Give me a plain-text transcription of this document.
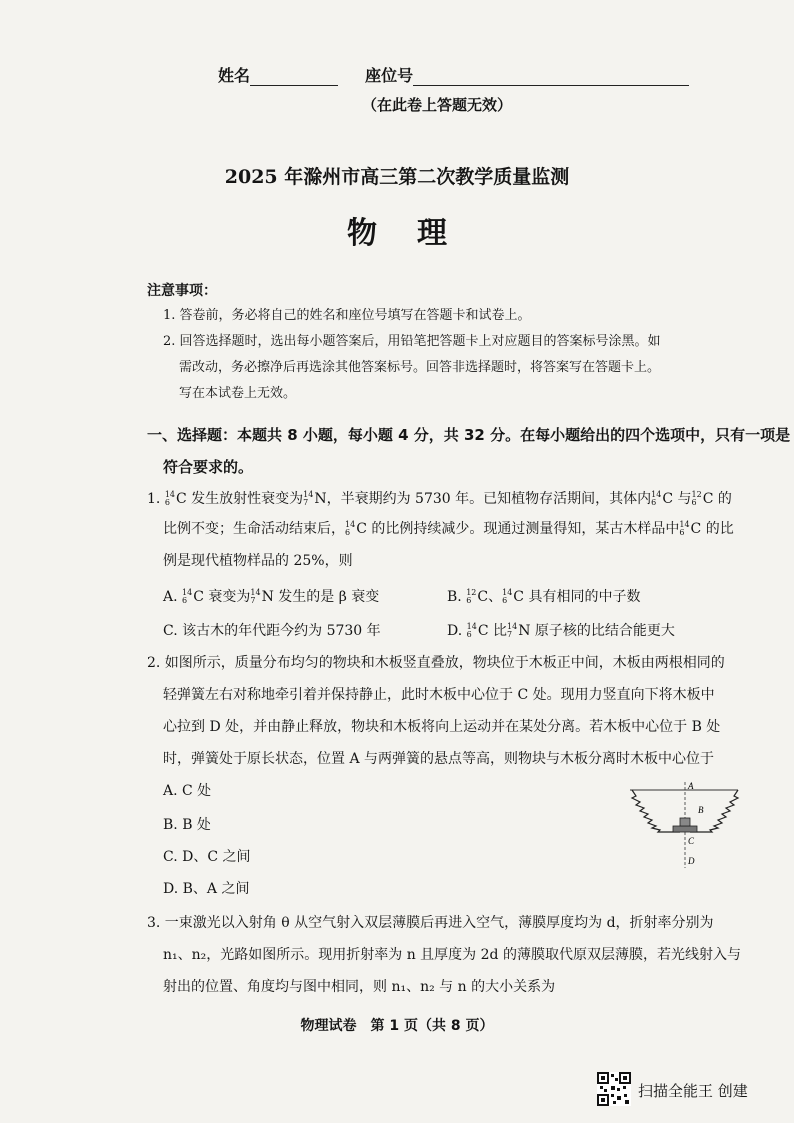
姓名	座位号
（在此卷上答题无效）
2025 年滁州市高三第二次教学质量监测
物理
注意事项：
1. 答卷前，务必将自己的姓名和座位号填写在答题卡和试卷上。
2. 回答选择题时，选出每小题答案后，用铅笔把答题卡上对应题目的答案标号涂黑。如
需改动，务必擦净后再选涂其他答案标号。回答非选择题时，将答案写在答题卡上。
写在本试卷上无效。
一、选择题：本题共 8 小题，每小题 4 分，共 32 分。在每小题给出的四个选项中，只有一项是
符合要求的。
1. 14
6 C 发生放射性衰变为 14
7 N，半衰期约为 5730 年。已知植物存活期间，其体内 14
6 C 与 12
6 C 的
比例不变；生命活动结束后， 14
6 C 的比例持续减少。现通过测量得知，某古木样品中 14
6 C 的比
例是现代植物样品的 25%，则
A. 14
6 C 衰变为 14
7 N 发生的是 β 衰变	B. 12
6 C、 14
6 C 具有相同的中子数
C. 该古木的年代距今约为 5730 年	D. 14
6 C 比 14
7 N 原子核的比结合能更大
2. 如图所示，质量分布均匀的物块和木板竖直叠放，物块位于木板正中间，木板由两根相同的
轻弹簧左右对称地牵引着并保持静止，此时木板中心位于 C 处。现用力竖直向下将木板中
心拉到 D 处，并由静止释放，物块和木板将向上运动并在某处分离。若木板中心位于 B 处
时，弹簧处于原长状态，位置 A 与两弹簧的悬点等高，则物块与木板分离时木板中心位于
A. C 处
B. B 处
C. D、C 之间
D. B、A 之间
A
B
C
D
3. 一束激光以入射角 θ 从空气射入双层薄膜后再进入空气，薄膜厚度均为 d，折射率分别为
n₁、n₂，光路如图所示。现用折射率为 n 且厚度为 2d 的薄膜取代原双层薄膜，若光线射入与
射出的位置、角度均与图中相同，则 n₁、n₂ 与 n 的大小关系为
物理试卷　第 1 页（共 8 页）
扫描全能王 创建
